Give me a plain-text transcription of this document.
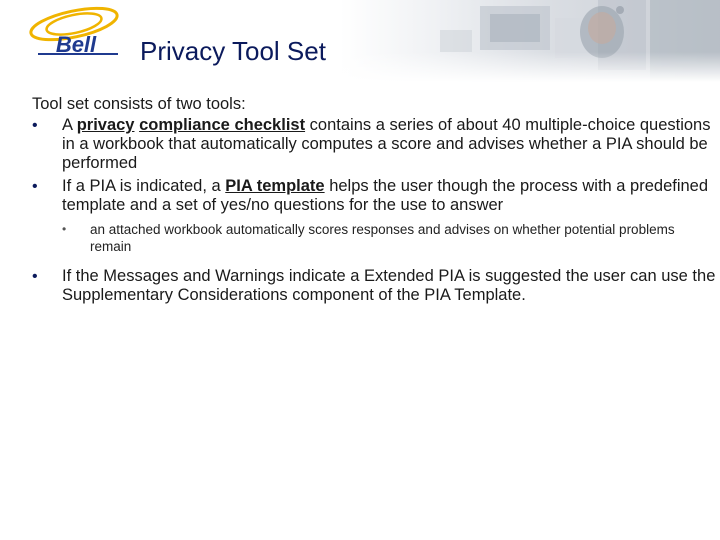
Bell Privacy Tool Set

Tool set consists of two tools:

• A privacy compliance checklist contains a series of about 40 multiple-choice questions in a workbook that automatically computes a score and advises whether a PIA should be performed
• If a PIA is indicated, a PIA template helps the user though the process with a predefined template and a set of yes/no questions for the use to answer
• an attached workbook automatically scores responses and advises on whether potential problems remain
• If the Messages and Warnings indicate a Extended PIA is suggested the user can use the Supplementary Considerations component of the PIA Template.
